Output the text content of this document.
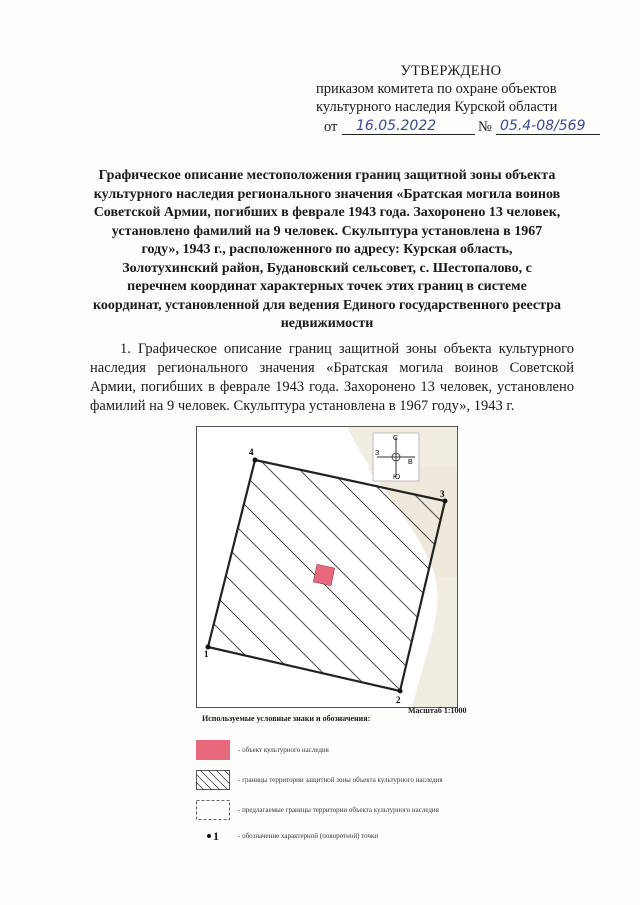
УТВЕРЖДЕНО
приказом комитета по охране объектов
культурного наследия Курской области
от 16.05.2022	№ 05.4-08/569
Графическое описание местоположения границ защитной зоны объекта культурного наследия регионального значения «Братская могила воинов Советской Армии, погибших в феврале 1943 года. Захоронено 13 человек, установлено фамилий на 9 человек. Скульптура установлена в 1967 году», 1943 г., расположенного по адресу: Курская область, Золотухинский район, Будановский сельсовет, с. Шестопалово, с перечнем координат характерных точек этих границ в системе координат, установленной для ведения Единого государственного реестра недвижимости
1. Графическое описание границ защитной зоны объекта культурного наследия регионального значения «Братская могила воинов Советской Армии, погибших в феврале 1943 года. Захоронено 13 человек, установлено фамилий на 9 человек. Скульптура установлена в 1967 году», 1943 г.
1
2
3
4
С
Ю
З
В
Масштаб 1:1000
Используемые условные знаки и обозначения:
- объект культурного наследия
- границы территории защитной зоны объекта культурного наследия
- предлагаемые границы территории объекта культурного наследия
1	- обозначение характерной (поворотной) точки
